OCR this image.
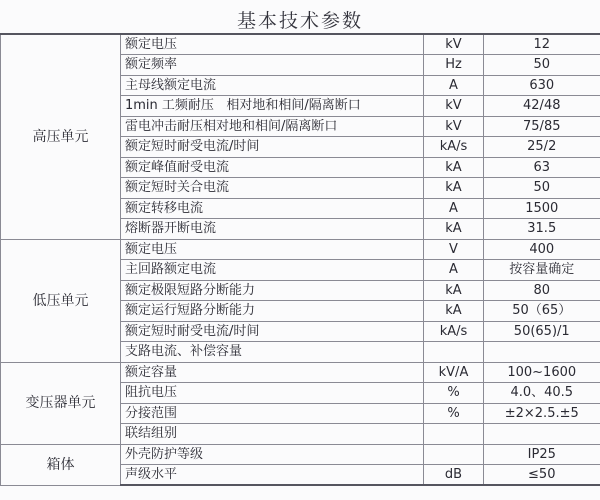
基本技术参数
高压单元	额定电压	kV	12
	额定频率	Hz	50
	主母线额定电流	A	630
	1min 工频耐压   相对地和相间/隔离断口	kV	42/48
	雷电冲击耐压相对地和相间/隔离断口	kV	75/85
	额定短时耐受电流/时间	kA/s	25/2
	额定峰值耐受电流	kA	63
	额定短时关合电流	kA	50
	额定转移电流	A	1500
	熔断器开断电流	kA	31.5
低压单元	额定电压	V	400
	主回路额定电流	A	按容量确定
	额定极限短路分断能力	kA	80
	额定运行短路分断能力	kA	50（65）
	额定短时耐受电流/时间	kA/s	50(65)/1
	支路电流、补偿容量		
变压器单元	额定容量	kV/A	100~1600
	阻抗电压	%	4.0、40.5
	分接范围	%	±2×2.5.±5
	联结组别		
箱体	外壳防护等级		IP25
	声级水平	dB	≤50
